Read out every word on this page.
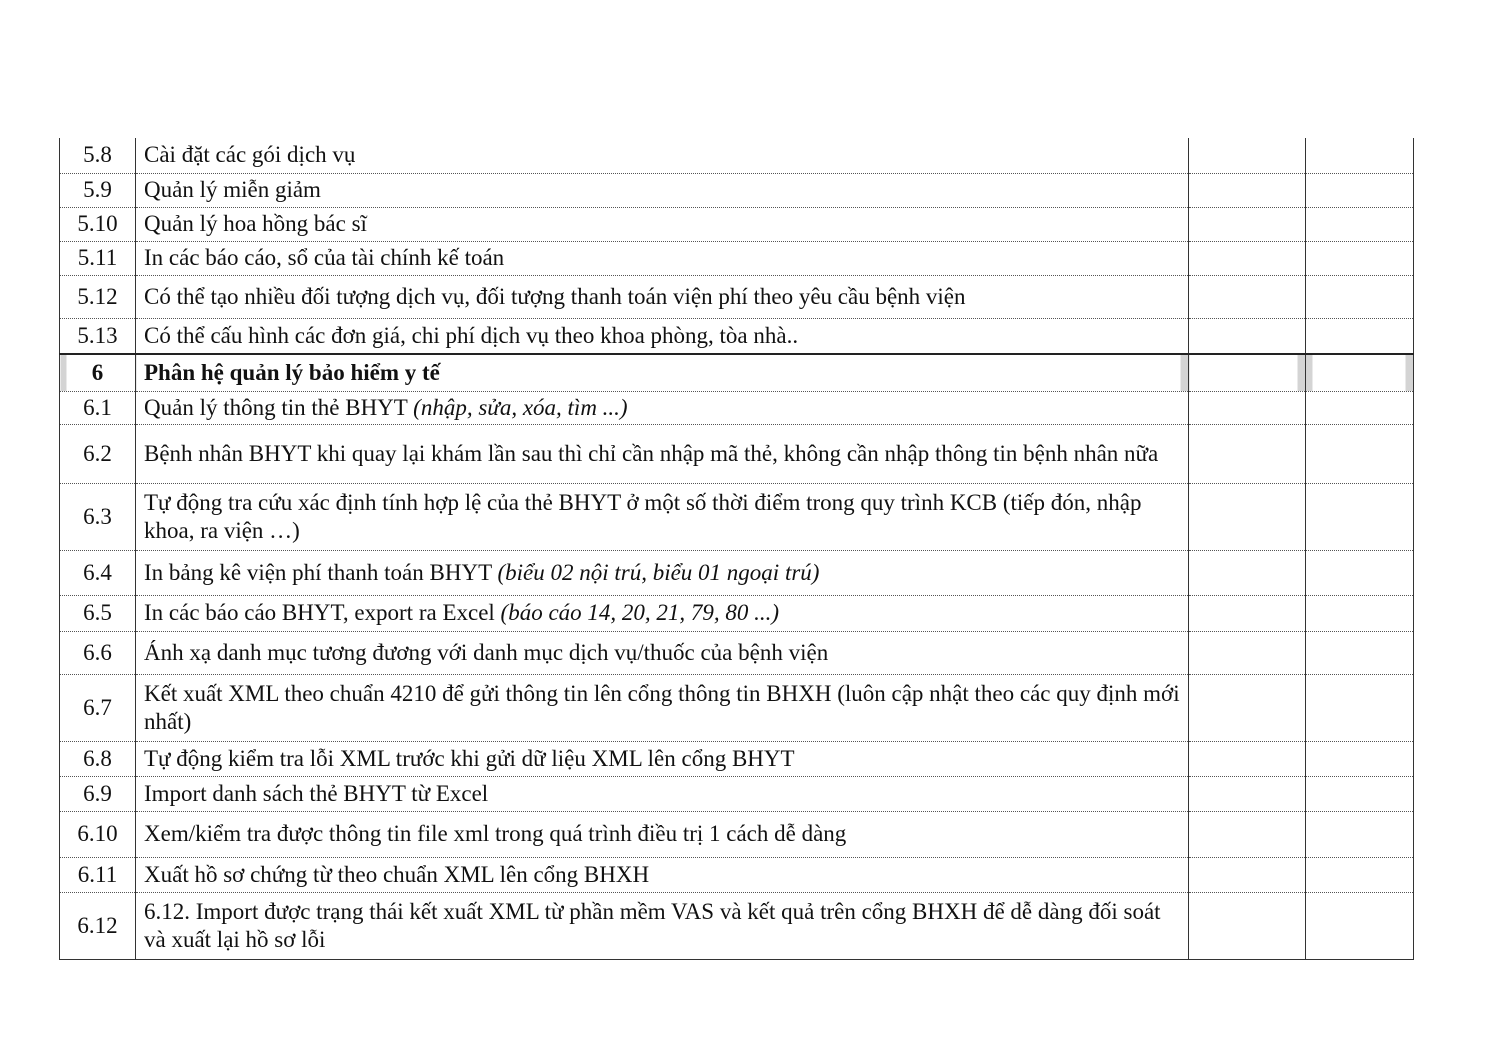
5.8	Cài đặt các gói dịch vụ		
5.9	Quản lý miễn giảm		
5.10	Quản lý hoa hồng bác sĩ		
5.11	In các báo cáo, sổ của tài chính kế toán		
5.12	Có thể tạo nhiều đối tượng dịch vụ, đối tượng thanh toán viện phí theo yêu cầu bệnh viện		
5.13	Có thể cấu hình các đơn giá, chi phí dịch vụ theo khoa phòng, tòa nhà..		
6	Phân hệ quản lý bảo hiểm y tế		
6.1	Quản lý thông tin thẻ BHYT (nhập, sửa, xóa, tìm ...)		
6.2	Bệnh nhân BHYT khi quay lại khám lần sau thì chỉ cần nhập mã thẻ, không cần nhập thông tin bệnh nhân nữa		
6.3	Tự động tra cứu xác định tính hợp lệ của thẻ BHYT ở một số thời điểm trong quy trình KCB (tiếp đón, nhập khoa, ra viện …)		
6.4	In bảng kê viện phí thanh toán BHYT (biểu 02 nội trú, biểu 01 ngoại trú)		
6.5	In các báo cáo BHYT, export ra Excel (báo cáo 14, 20, 21, 79, 80 ...)		
6.6	Ánh xạ danh mục tương đương với danh mục dịch vụ/thuốc của bệnh viện		
6.7	Kết xuất XML theo chuẩn 4210 để gửi thông tin lên cổng thông tin BHXH (luôn cập nhật theo các quy định mới nhất)		
6.8	Tự động kiểm tra lỗi XML trước khi gửi dữ liệu XML lên cổng BHYT		
6.9	Import danh sách thẻ BHYT từ Excel		
6.10	Xem/kiểm tra được thông tin file xml trong quá trình điều trị 1 cách dễ dàng		
6.11	Xuất hồ sơ chứng từ theo chuẩn XML lên cổng BHXH		
6.12	6.12. Import được trạng thái kết xuất XML từ phần mềm VAS và kết quả trên cổng BHXH để dễ dàng đối soát và xuất lại hồ sơ lỗi		
